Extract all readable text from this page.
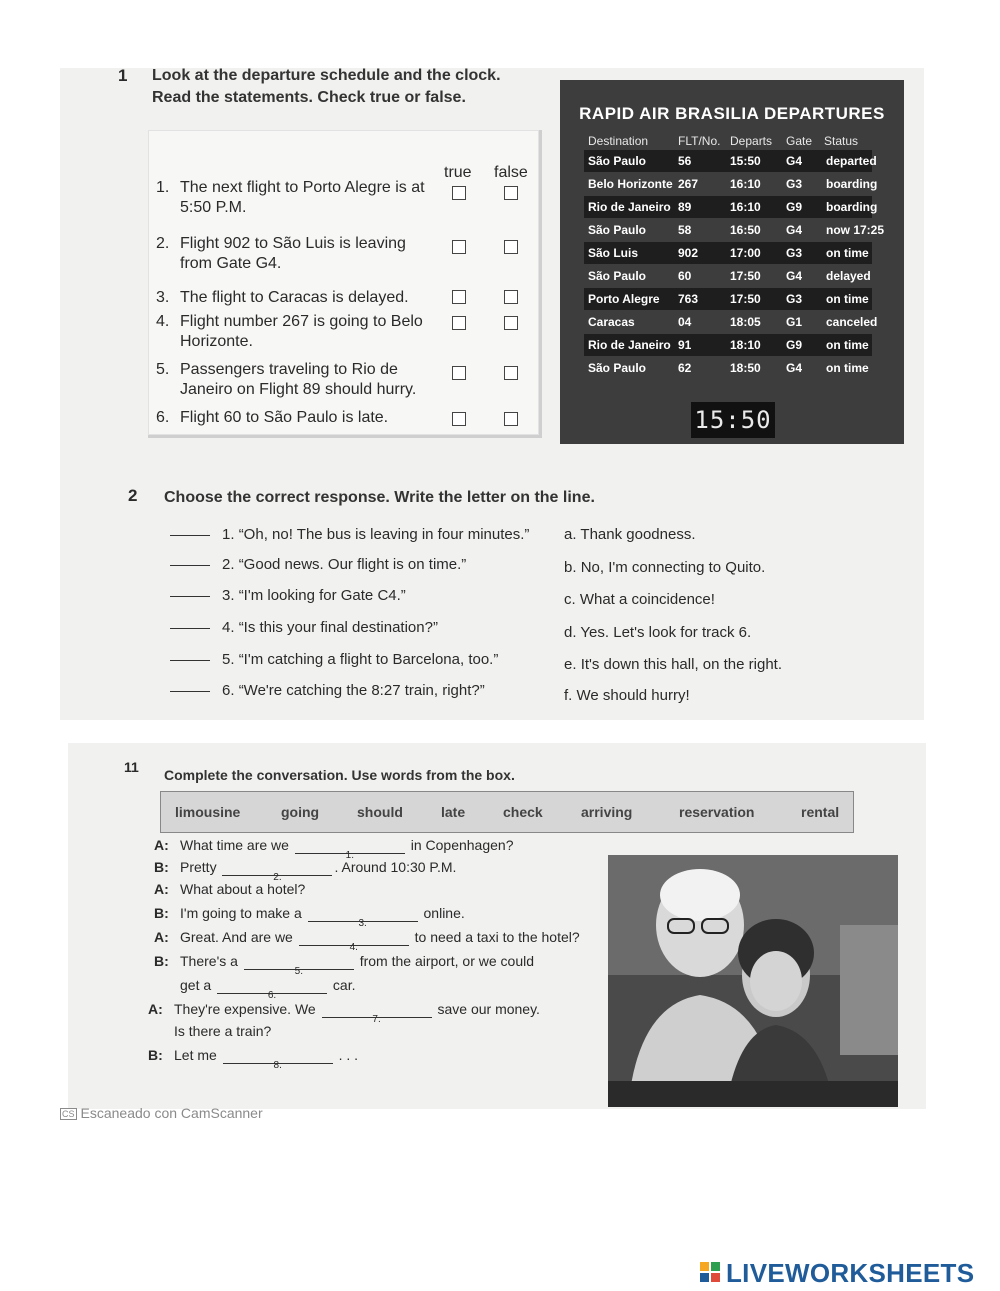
1 Look at the departure schedule and the clock.
Read the statements. Check true or false.
true false
1. The next flight to Porto Alegre is at 5:50 P.M.
2. Flight 902 to São Luis is leaving from Gate G4.
3. The flight to Caracas is delayed.
4. Flight number 267 is going to Belo Horizonte.
5. Passengers traveling to Rio de Janeiro on Flight 89 should hurry.
6. Flight 60 to São Paulo is late.
RAPID AIR BRASILIA DEPARTURES
Destination FLT/No. Departs Gate Status
São Paulo	56	15:50 G4 departed
Belo Horizonte 267	16:10 G3 boarding
Rio de Janeiro 89	16:10 G9 boarding
São Paulo	58	16:50 G4 now 17:25
São Luis	902	17:00 G3 on time
São Paulo	60	17:50 G4 delayed
Porto Alegre 763	17:50 G3 on time
Caracas	04	18:05 G1 canceled
Rio de Janeiro 91	18:10 G9 on time
São Paulo	62	18:50 G4 on time
15:50
2 Choose the correct response. Write the letter on the line.
1. “Oh, no! The bus is leaving in four minutes.”
2. “Good news. Our flight is on time.”
3. “I'm looking for Gate C4.”
4. “Is this your final destination?”
5. “I'm catching a flight to Barcelona, too.”
6. “We're catching the 8:27 train, right?”
a. Thank goodness.
b. No, I'm connecting to Quito.
c. What a coincidence!
d. Yes. Let's look for track 6.
e. It's down this hall, on the right.
f. We should hurry!
11 Complete the conversation. Use words from the box.
limousine	going	should	late	check	arriving	reservation	rental
A: What time are we
1.
in Copenhagen?
B: Pretty
2.
. Around 10:30 P.M.
A: What about a hotel?
B: I'm going to make a
3.
online.
A: Great. And are we
4.
to need a taxi to the hotel?
B: There's a
5.
from the airport, or we could
get a
6.
car.
A: They're expensive. We
7.
save our money.
Is there a train?
B: Let me
8.
. . .
CS Escaneado con CamScanner
LIVEWORKSHEETS
